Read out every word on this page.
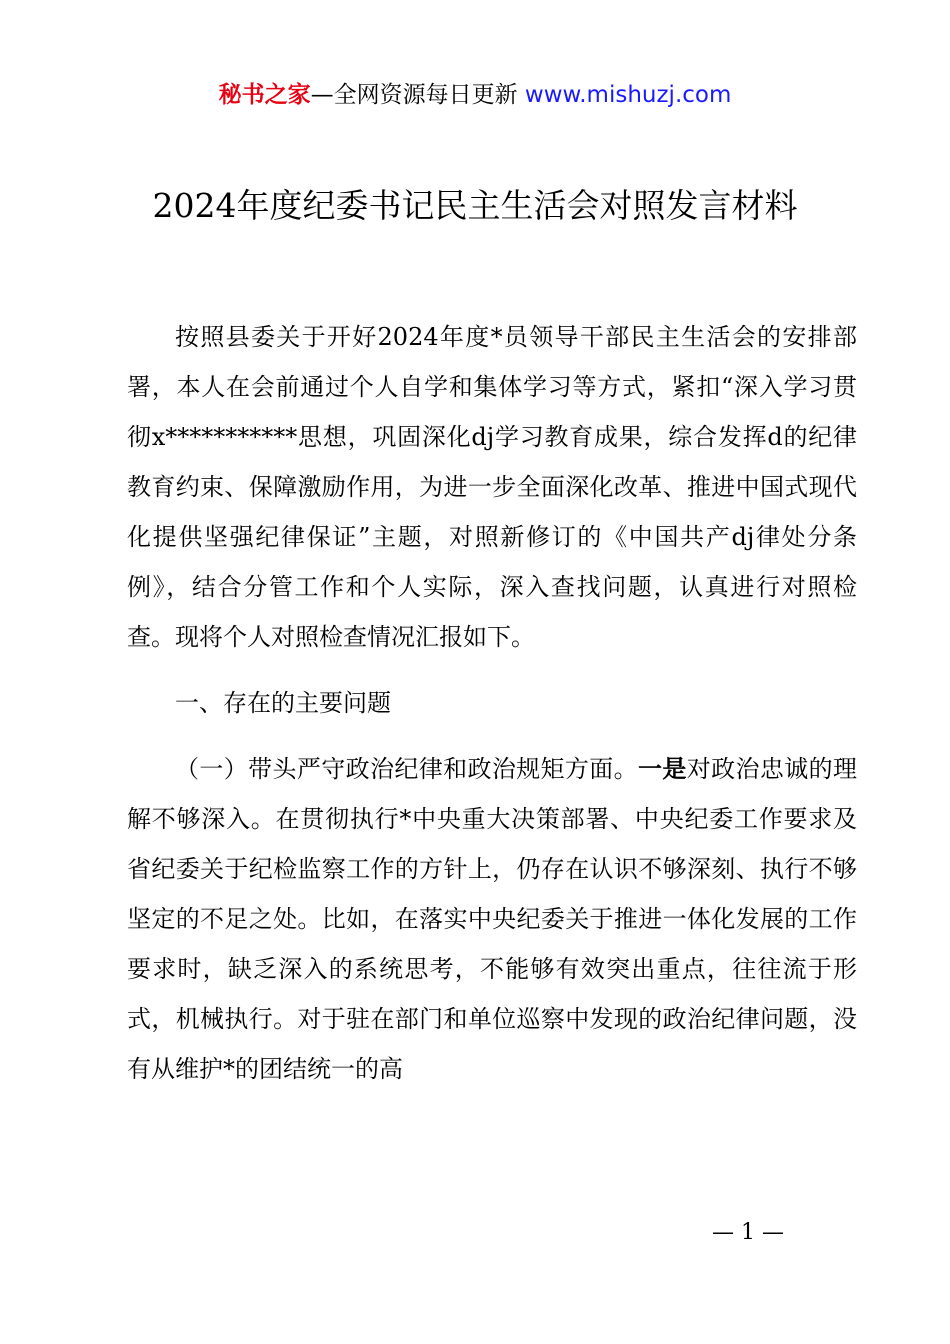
秘书之家—全网资源每日更新 www.mishuzj.com
2024年度纪委书记民主生活会对照发言材料

按照县委关于开好2024年度*员领导干部民主生活会的安排部署，本人在会前通过个人自学和集体学习等方式，紧扣“深入学习贯彻x***********思想，巩固深化dj学习教育成果，综合发挥d的纪律教育约束、保障激励作用，为进一步全面深化改革、推进中国式现代化提供坚强纪律保证”主题，对照新修订的《中国共产dj律处分条例》，结合分管工作和个人实际，深入查找问题，认真进行对照检查。现将个人对照检查情况汇报如下。

一、存在的主要问题

（一）带头严守政治纪律和政治规矩方面。一是对政治忠诚的理解不够深入。在贯彻执行*中央重大决策部署、中央纪委工作要求及省纪委关于纪检监察工作的方针上，仍存在认识不够深刻、执行不够坚定的不足之处。比如，在落实中央纪委关于推进一体化发展的工作要求时，缺乏深入的系统思考，不能够有效突出重点，往往流于形式，机械执行。对于驻在部门和单位巡察中发现的政治纪律问题，没有从维护*的团结统一的高

— 1 —
